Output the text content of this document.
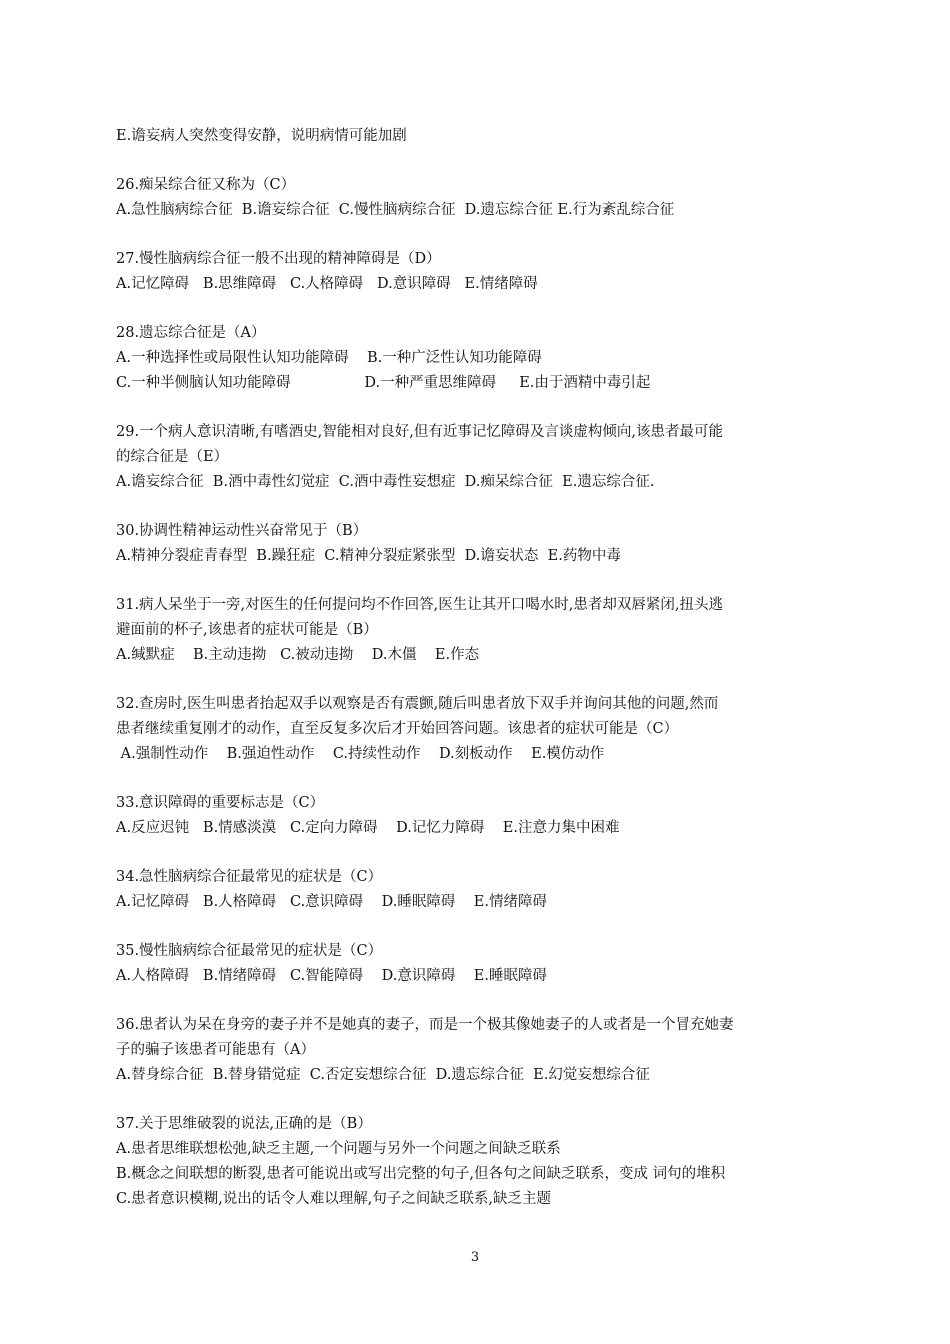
E.谵妄病人突然变得安静，说明病情可能加剧
26.痴呆综合征又称为（C）
A.急性脑病综合征  B.谵妄综合征  C.慢性脑病综合征  D.遗忘综合征 E.行为紊乱综合征
27.慢性脑病综合征一般不出现的精神障碍是（D）
A.记忆障碍   B.思维障碍   C.人格障碍   D.意识障碍   E.情绪障碍
28.遗忘综合征是（A）
A.一种选择性或局限性认知功能障碍    B.一种广泛性认知功能障碍
C.一种半侧脑认知功能障碍                D.一种严重思维障碍     E.由于酒精中毒引起
29.一个病人意识清晰,有嗜酒史,智能相对良好,但有近事记忆障碍及言谈虚构倾向,该患者最可能
的综合征是（E）
A.谵妄综合征  B.酒中毒性幻觉症  C.酒中毒性妄想症  D.痴呆综合征  E.遗忘综合征.
30.协调性精神运动性兴奋常见于（B）
A.精神分裂症青春型  B.躁狂症  C.精神分裂症紧张型  D.谵妄状态  E.药物中毒
31.病人呆坐于一旁,对医生的任何提问均不作回答,医生让其开口喝水时,患者却双唇紧闭,扭头逃
避面前的杯子,该患者的症状可能是（B）
A.缄默症    B.主动违拗   C.被动违拗    D.木僵    E.作态
32.查房时,医生叫患者抬起双手以观察是否有震颤,随后叫患者放下双手并询问其他的问题,然而
患者继续重复刚才的动作，直至反复多次后才开始回答问题。该患者的症状可能是（C）
A.强制性动作    B.强迫性动作    C.持续性动作    D.刻板动作    E.模仿动作
33.意识障碍的重要标志是（C）
A.反应迟钝   B.情感淡漠   C.定向力障碍    D.记忆力障碍    E.注意力集中困难
34.急性脑病综合征最常见的症状是（C）
A.记忆障碍   B.人格障碍   C.意识障碍    D.睡眠障碍    E.情绪障碍
35.慢性脑病综合征最常见的症状是（C）
A.人格障碍   B.情绪障碍   C.智能障碍    D.意识障碍    E.睡眠障碍
36.患者认为呆在身旁的妻子并不是她真的妻子，而是一个极其像她妻子的人或者是一个冒充她妻
子的骗子该患者可能患有（A）
A.替身综合征  B.替身错觉症  C.否定妄想综合征  D.遗忘综合征  E.幻觉妄想综合征
37.关于思维破裂的说法,正确的是（B）
A.患者思维联想松弛,缺乏主题,一个问题与另外一个问题之间缺乏联系
B.概念之间联想的断裂,患者可能说出或写出完整的句子,但各句之间缺乏联系，变成 词句的堆积
C.患者意识模糊,说出的话令人难以理解,句子之间缺乏联系,缺乏主题
3
